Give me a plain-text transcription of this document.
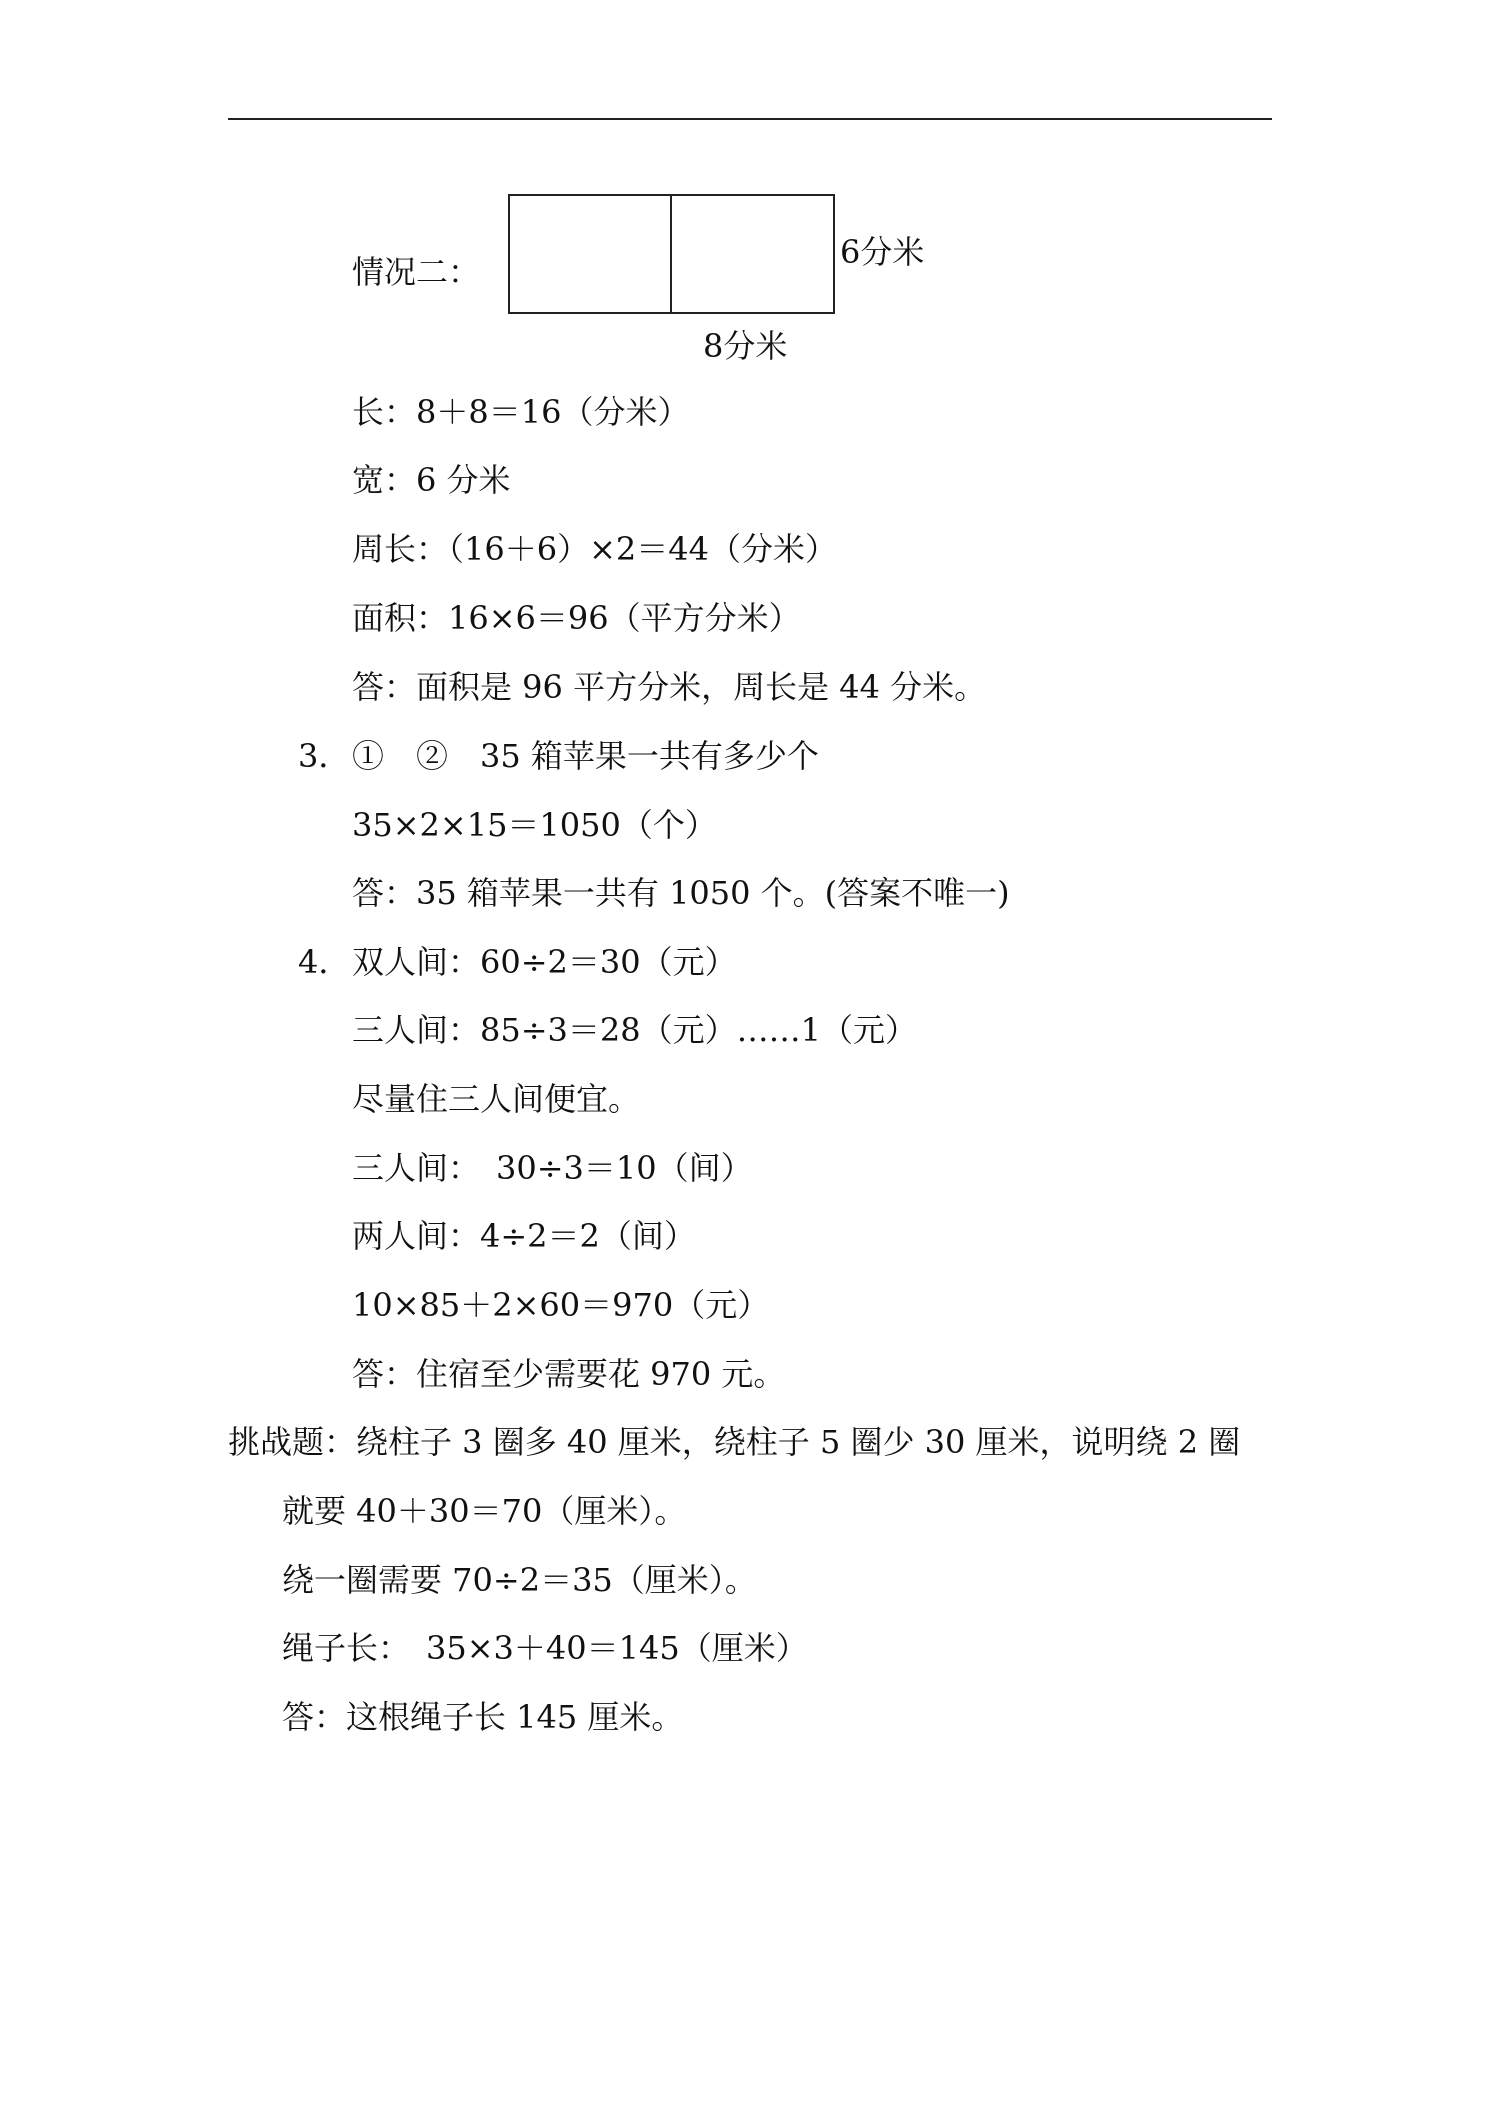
情况二：
6分米
8分米
长：8＋8＝16（分米）
宽：6 分米
周长：（16＋6）×2＝44（分米）
面积：16×6＝96（平方分米）
答：面积是 96 平方分米，周长是 44 分米。
3． ①　②　35 箱苹果一共有多少个
35×2×15＝1050（个）
答：35 箱苹果一共有 1050 个。(答案不唯一)
4． 双人间：60÷2＝30（元）
三人间：85÷3＝28（元）……1（元）
尽量住三人间便宜。
三人间：　30÷3＝10（间）
两人间：4÷2＝2（间）
10×85＋2×60＝970（元）
答：住宿至少需要花 970 元。
挑战题：绕柱子 3 圈多 40 厘米，绕柱子 5 圈少 30 厘米，说明绕 2 圈
就要 40＋30＝70（厘米）。
绕一圈需要 70÷2＝35（厘米）。
绳子长：　35×3＋40＝145（厘米）
答：这根绳子长 145 厘米。
